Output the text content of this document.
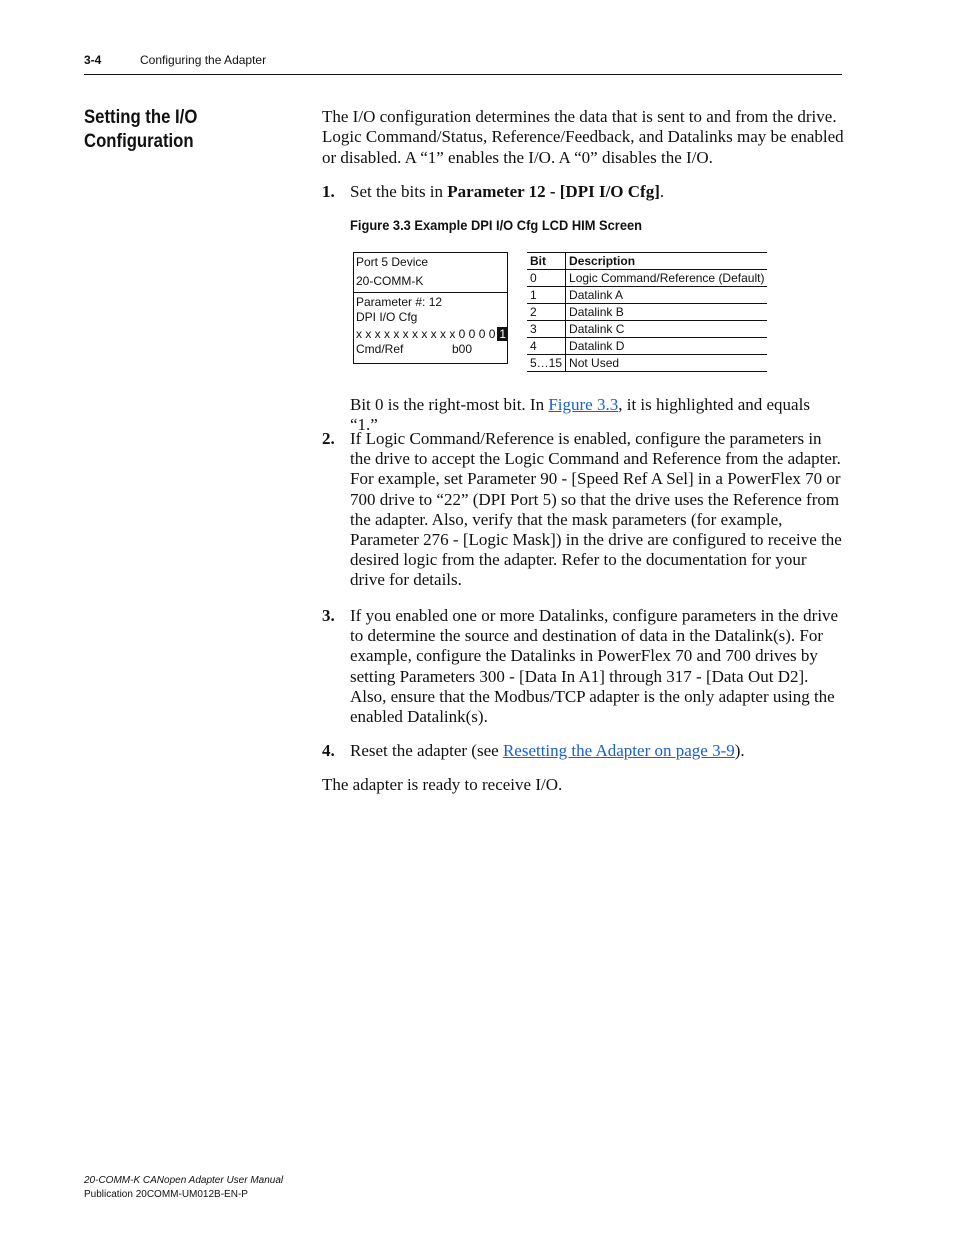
3-4	Configuring the Adapter
Setting the I/O Configuration
The I/O configuration determines the data that is sent to and from the drive. Logic Command/Status, Reference/Feedback, and Datalinks may be enabled or disabled. A “1” enables the I/O. A “0” disables the I/O.
1. Set the bits in Parameter 12 - [DPI I/O Cfg].
Figure 3.3 Example DPI I/O Cfg LCD HIM Screen
Port 5 Device
20-COMM-K
Parameter #: 12
DPI I/O Cfg
x x x x x x x x x x x 0 0 0 0 1
Cmd/Ref	b00
Bit	Description
0	Logic Command/Reference (Default)
1	Datalink A
2	Datalink B
3	Datalink C
4	Datalink D
5…15	Not Used
Bit 0 is the right-most bit. In Figure 3.3, it is highlighted and equals “1.”
2. If Logic Command/Reference is enabled, configure the parameters in the drive to accept the Logic Command and Reference from the adapter. For example, set Parameter 90 - [Speed Ref A Sel] in a PowerFlex 70 or 700 drive to “22” (DPI Port 5) so that the drive uses the Reference from the adapter. Also, verify that the mask parameters (for example, Parameter 276 - [Logic Mask]) in the drive are configured to receive the desired logic from the adapter. Refer to the documentation for your drive for details.
3. If you enabled one or more Datalinks, configure parameters in the drive to determine the source and destination of data in the Datalink(s). For example, configure the Datalinks in PowerFlex 70 and 700 drives by setting Parameters 300 - [Data In A1] through 317 - [Data Out D2]. Also, ensure that the Modbus/TCP adapter is the only adapter using the enabled Datalink(s).
4. Reset the adapter (see Resetting the Adapter on page 3-9).
The adapter is ready to receive I/O.
20-COMM-K CANopen Adapter User Manual
Publication 20COMM-UM012B-EN-P
